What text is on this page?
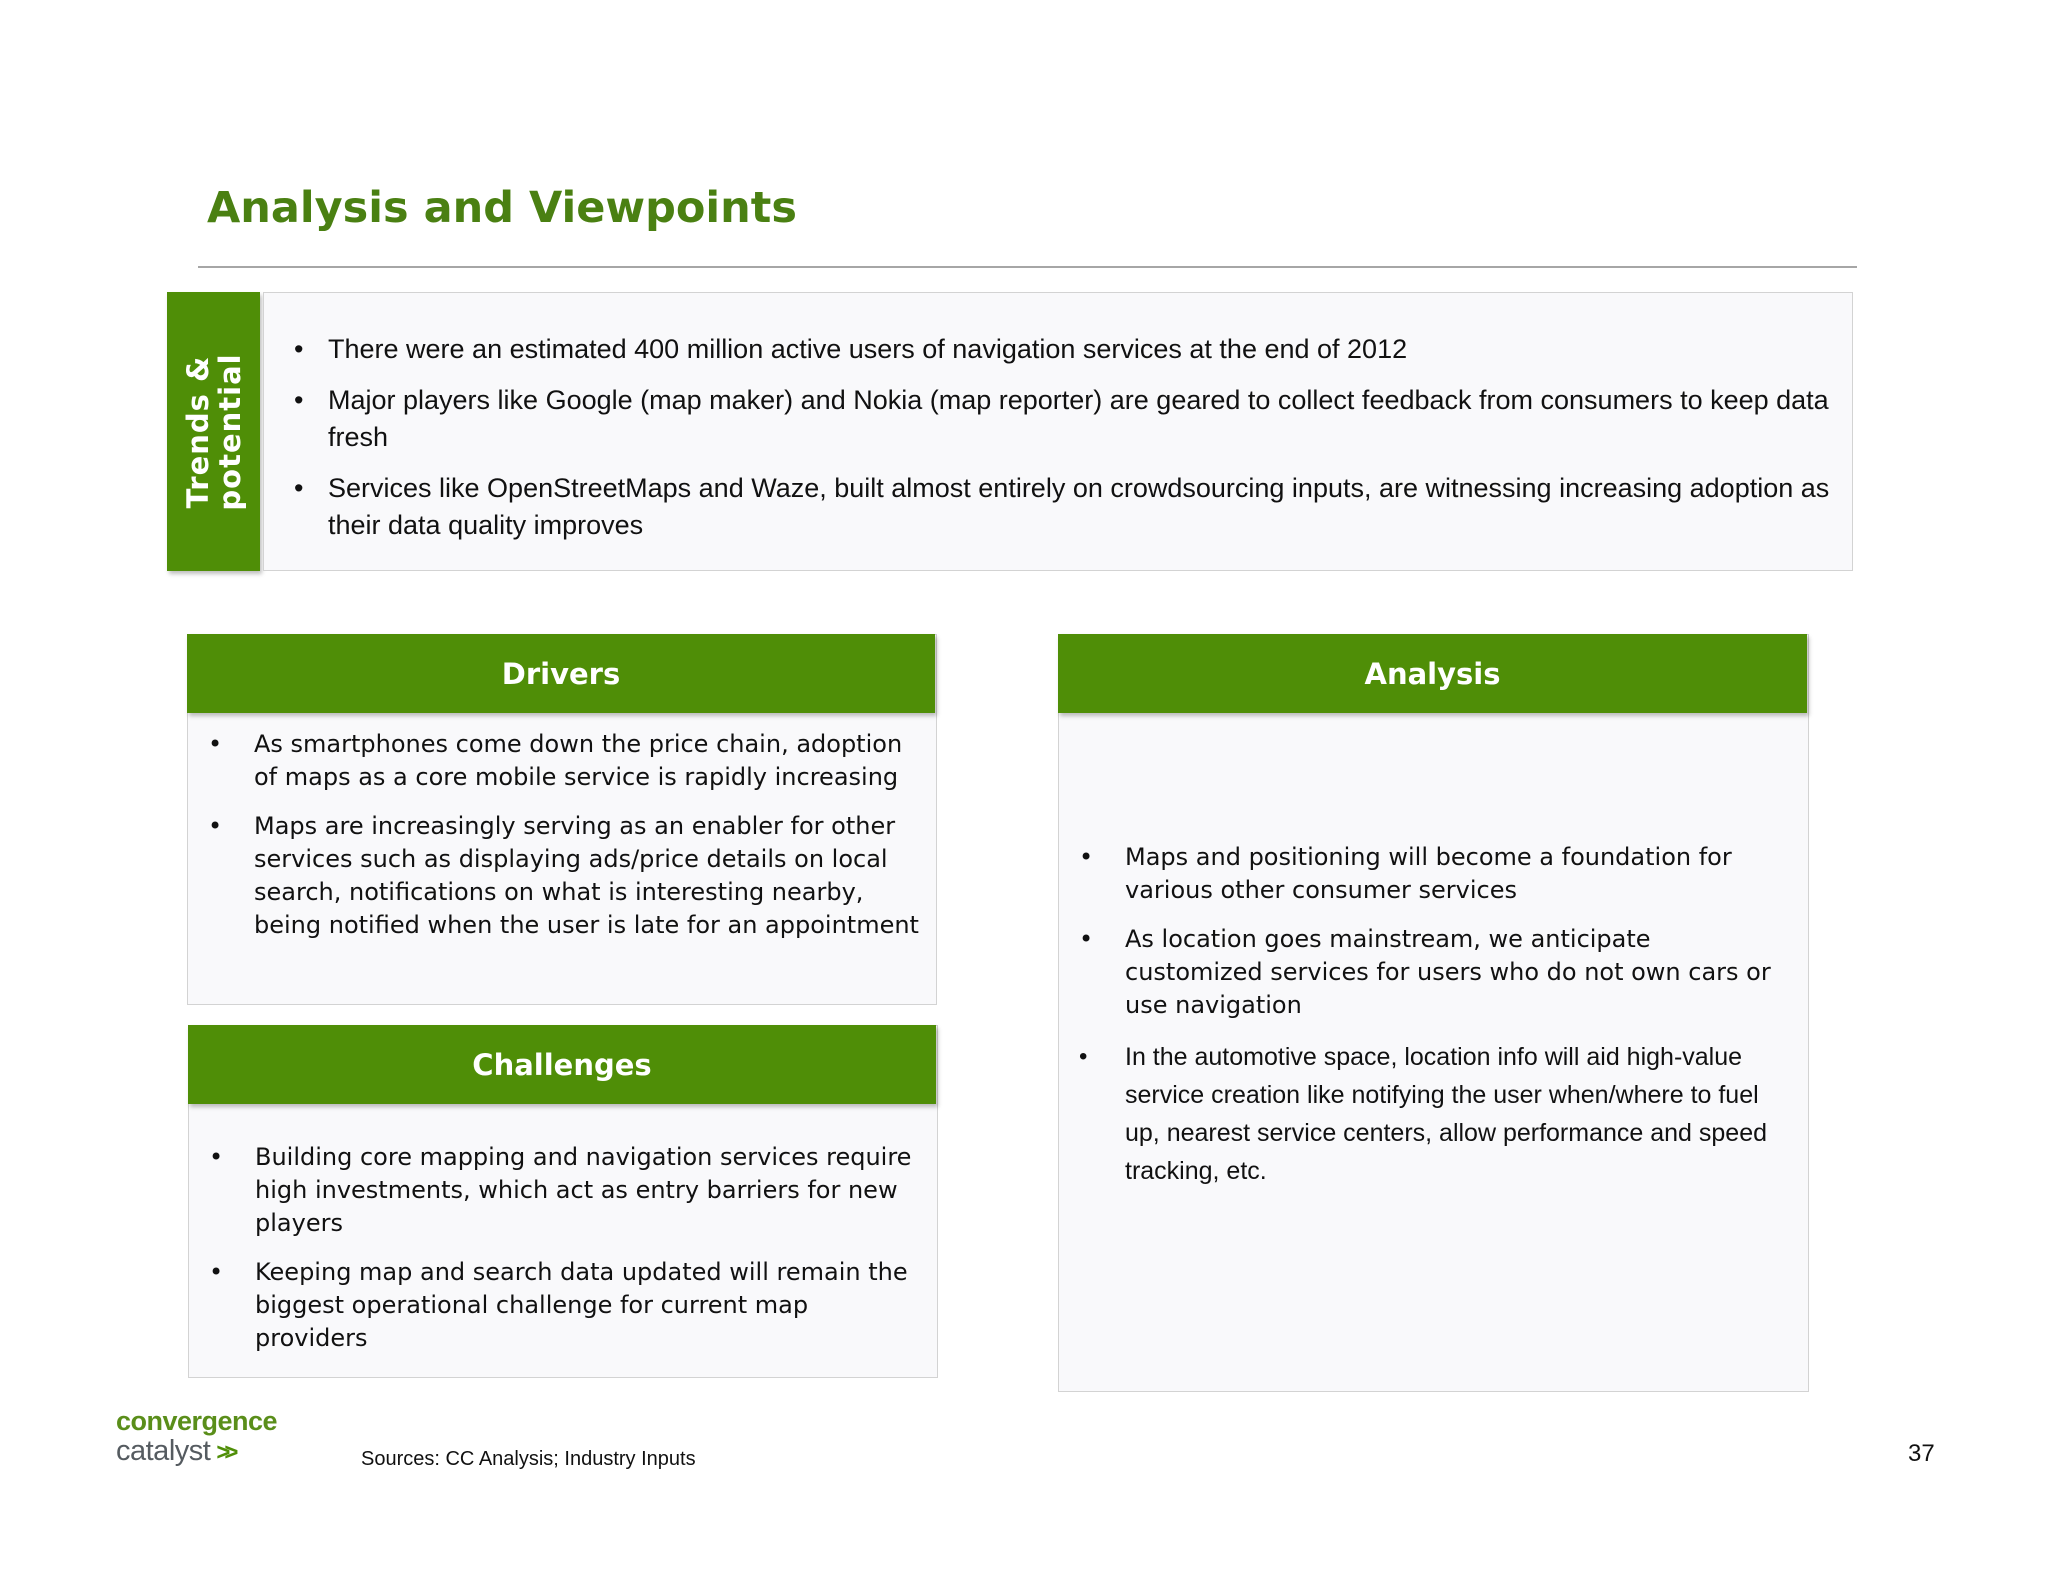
Analysis and Viewpoints
Trends &
potential
• There were an estimated 400 million active users of navigation services at the end of 2012
• Major players like Google (map maker) and Nokia (map reporter) are geared to collect feedback from consumers to keep data fresh
• Services like OpenStreetMaps and Waze, built almost entirely on crowdsourcing inputs, are witnessing increasing adoption as their data quality improves
• As smartphones come down the price chain, adoption of maps as a core mobile service is rapidly increasing
• Maps are increasingly serving as an enabler for other services such as displaying ads/price details on local search, notifications on what is interesting nearby, being notified when the user is late for an appointment
Drivers
• Building core mapping and navigation services require high investments, which act as entry barriers for new players
• Keeping map and search data updated will remain the biggest operational challenge for current map providers
Challenges
• Maps and positioning will become a foundation for various other consumer services
• As location goes mainstream, we anticipate customized services for users who do not own cars or use navigation
• In the automotive space, location info will aid high-value service creation like notifying the user when/where to fuel up, nearest service centers, allow performance and speed tracking, etc.
Analysis
convergence
catalyst >>	Sources: CC Analysis; Industry Inputs	37
